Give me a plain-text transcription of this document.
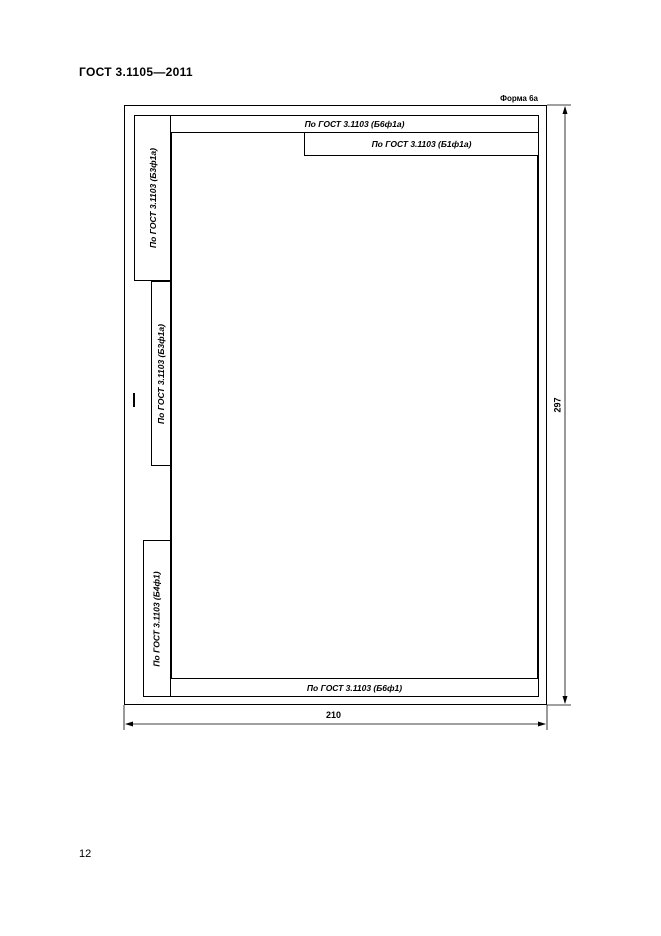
ГОСТ 3.1105—2011
Форма 6а
По ГОСТ 3.1103 (Б6ф1а)
По ГОСТ 3.1103 (Б1ф1а)
По ГОСТ 3.1103 (Б3ф1а)
По ГОСТ 3.1103 (Б3ф1а)
По ГОСТ 3.1103 (Б4ф1)
По ГОСТ 3.1103 (Б6ф1)
210
297
12
